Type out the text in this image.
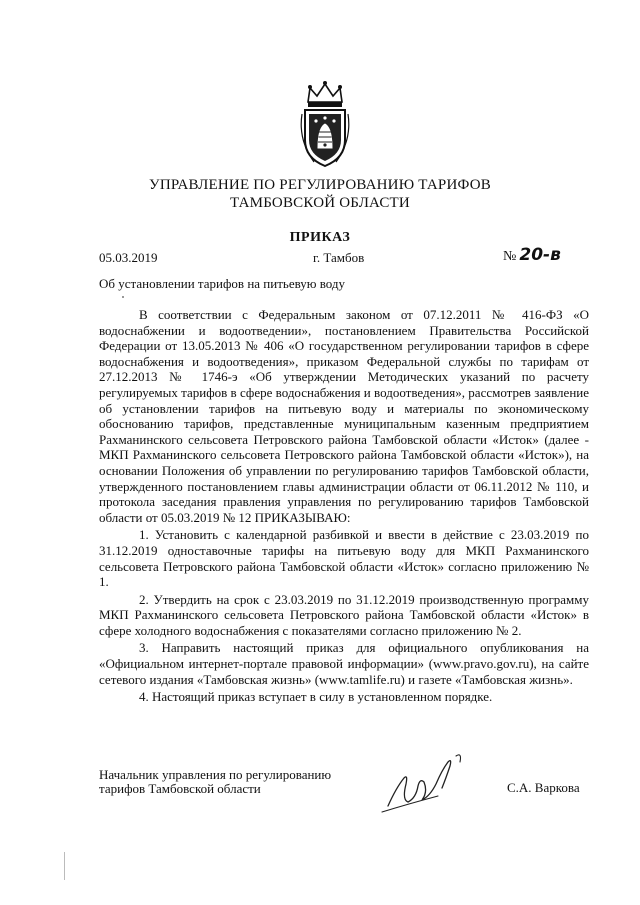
УПРАВЛЕНИЕ ПО РЕГУЛИРОВАНИЮ ТАРИФОВ
ТАМБОВСКОЙ ОБЛАСТИ
ПРИКАЗ
05.03.2019	г. Тамбов	№ 20-в
Об установлении тарифов на питьевую воду

В соответствии с Федеральным законом от 07.12.2011 № 416-ФЗ «О водоснабжении и водоотведении», постановлением Правительства Российской Федерации от 13.05.2013 № 406 «О государственном регулировании тарифов в сфере водоснабжения и водоотведения», приказом Федеральной службы по тарифам от 27.12.2013 № 1746-э «Об утверждении Методических указаний по расчету регулируемых тарифов в сфере водоснабжения и водоотведения», рассмотрев заявление об установлении тарифов на питьевую воду и материалы по экономическому обоснованию тарифов, представленные муниципальным казенным предприятием Рахманинского сельсовета Петровского района Тамбовской области «Исток» (далее - МКП Рахманинского сельсовета Петровского района Тамбовской области «Исток»), на основании Положения об управлении по регулированию тарифов Тамбовской области, утвержденного постановлением главы администрации области от 06.11.2012 № 110, и протокола заседания правления управления по регулированию тарифов Тамбовской области от 05.03.2019 № 12 ПРИКАЗЫВАЮ:

1. Установить с календарной разбивкой и ввести в действие с 23.03.2019 по 31.12.2019 одноставочные тарифы на питьевую воду для МКП Рахманинского сельсовета Петровского района Тамбовской области «Исток» согласно приложению № 1.

2. Утвердить на срок с 23.03.2019 по 31.12.2019 производственную программу МКП Рахманинского сельсовета Петровского района Тамбовской области «Исток» в сфере холодного водоснабжения с показателями согласно приложению № 2.

3. Направить настоящий приказ для официального опубликования на «Официальном интернет-портале правовой информации» (www.pravo.gov.ru), на сайте сетевого издания «Тамбовская жизнь» (www.tamlife.ru) и газете «Тамбовская жизнь».

4. Настоящий приказ вступает в силу в установленном порядке.

Начальник управления по регулированию
тарифов Тамбовской области	С.А. Варкова
